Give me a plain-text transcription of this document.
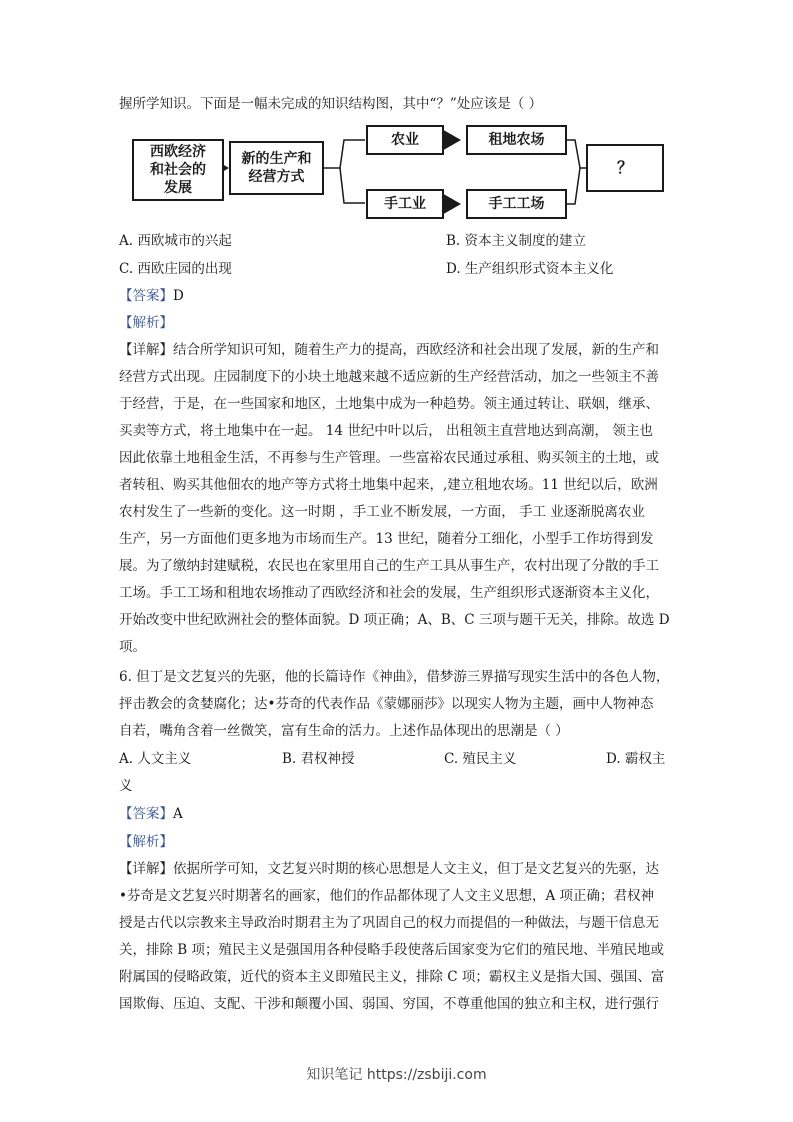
握所学知识。下面是一幅未完成的知识结构图，其中“？”处应该是（ ）
西欧经济和社会的发展
新的生产和经营方式
农业	租地农场
手工业	手工工场
？
A. 西欧城市的兴起	B. 资本主义制度的建立
C. 西欧庄园的出现	D. 生产组织形式资本主义化
【答案】D
【解析】
【详解】结合所学知识可知，随着生产力的提高，西欧经济和社会出现了发展，新的生产和
经营方式出现。庄园制度下的小块土地越来越不适应新的生产经营活动，加之一些领主不善
于经营，于是，在一些国家和地区，土地集中成为一种趋势。领主通过转让、联姻，继承、
买卖等方式，将土地集中在一起。 14 世纪中叶以后， 出租领主直营地达到高潮， 领主也
因此依靠土地租金生活，不再参与生产管理。一些富裕农民通过承租、购买领主的土地，或
者转租、购买其他佃农的地产等方式将土地集中起来，,建立租地农场。11 世纪以后，欧洲
农村发生了一些新的变化。这一时期 ，手工业不断发展，一方面， 手工 业逐渐脱离农业
生产，另一方面他们更多地为市场而生产。13 世纪，随着分工细化，小型手工作坊得到发
展。为了缴纳封建赋税，农民也在家里用自己的生产工具从事生产，农村出现了分散的手工
工场。手工工场和租地农场推动了西欧经济和社会的发展，生产组织形式逐渐资本主义化，
开始改变中世纪欧洲社会的整体面貌。D 项正确；A、B、C 三项与题干无关，排除。故选 D
项。
6. 但丁是文艺复兴的先驱，他的长篇诗作《神曲》，借梦游三界描写现实生活中的各色人物，
抨击教会的贪婪腐化；达•芬奇的代表作品《蒙娜丽莎》以现实人物为主题，画中人物神态
自若，嘴角含着一丝微笑，富有生命的活力。上述作品体现出的思潮是（ ）
A. 人文主义	B. 君权神授	C. 殖民主义	D. 霸权主
义
【答案】A
【解析】
【详解】依据所学可知，文艺复兴时期的核心思想是人文主义，但丁是文艺复兴的先驱，达
•芬奇是文艺复兴时期著名的画家，他们的作品都体现了人文主义思想，A 项正确；君权神
授是古代以宗教来主导政治时期君主为了巩固自己的权力而提倡的一种做法，与题干信息无
关，排除 B 项；殖民主义是强国用各种侵略手段使落后国家变为它们的殖民地、半殖民地或
附属国的侵略政策，近代的资本主义即殖民主义，排除 C 项；霸权主义是指大国、强国、富
国欺侮、压迫、支配、干涉和颠覆小国、弱国、穷国，不尊重他国的独立和主权，进行强行
知识笔记 https://zsbiji.com
